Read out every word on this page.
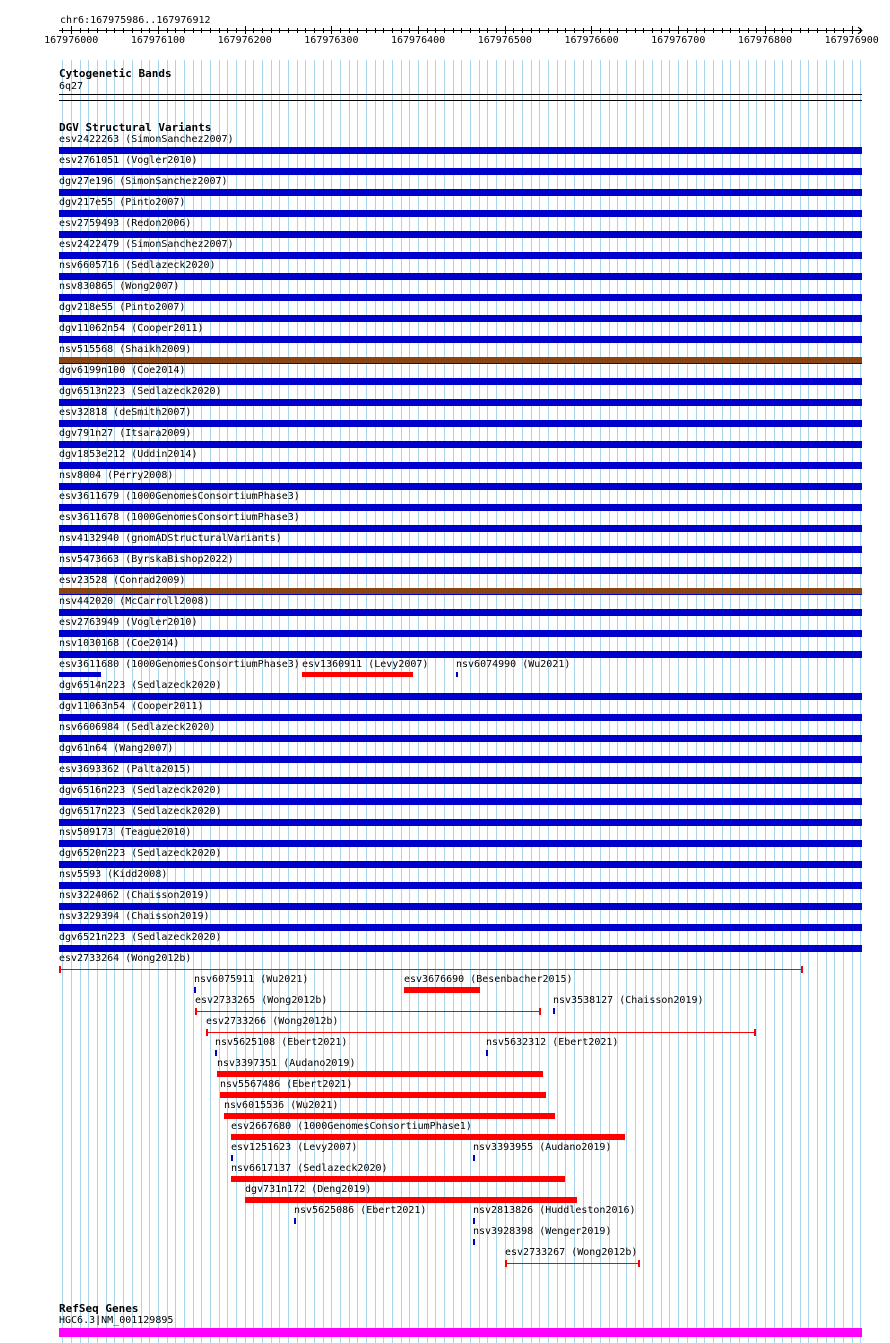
chr6:167975986..167976912
167976000	167976100	167976200	167976300	167976400	167976500	167976600	167976700	167976800	167976900
Cytogenetic Bands
6q27
DGV Structural Variants
esv2422263 (SimonSanchez2007)
esv2761051 (Vogler2010)
dgv27e196 (SimonSanchez2007)
dgv217e55 (Pinto2007)
esv2759493 (Redon2006)
esv2422479 (SimonSanchez2007)
nsv6605716 (Sedlazeck2020)
nsv830865 (Wong2007)
dgv218e55 (Pinto2007)
dgv11062n54 (Cooper2011)
nsv515568 (Shaikh2009)
dgv6199n100 (Coe2014)
dgv6513n223 (Sedlazeck2020)
esv32818 (deSmith2007)
dgv791n27 (Itsara2009)
dgv1853e212 (Uddin2014)
nsv8004 (Perry2008)
esv3611679 (1000GenomesConsortiumPhase3)
esv3611678 (1000GenomesConsortiumPhase3)
nsv4132940 (gnomADStructuralVariants)
nsv5473663 (ByrskaBishop2022)
esv23528 (Conrad2009)
nsv442020 (McCarroll2008)
esv2763949 (Vogler2010)
nsv1030168 (Coe2014)
esv3611680 (1000GenomesConsortiumPhase3) esv1360911 (Levy2007)	nsv6074990 (Wu2021)
dgv6514n223 (Sedlazeck2020)
dgv11063n54 (Cooper2011)
nsv6606984 (Sedlazeck2020)
dgv61n64 (Wang2007)
esv3693362 (Palta2015)
dgv6516n223 (Sedlazeck2020)
dgv6517n223 (Sedlazeck2020)
nsv509173 (Teague2010)
dgv6520n223 (Sedlazeck2020)
nsv5593 (Kidd2008)
nsv3224062 (Chaisson2019)
nsv3229394 (Chaisson2019)
dgv6521n223 (Sedlazeck2020)
esv2733264 (Wong2012b)
nsv6075911 (Wu2021)	esv3676690 (Besenbacher2015)
esv2733265 (Wong2012b)	nsv3538127 (Chaisson2019)
esv2733266 (Wong2012b)
nsv5625108 (Ebert2021)	nsv5632312 (Ebert2021)
nsv3397351 (Audano2019)
nsv5567486 (Ebert2021)
nsv6015536 (Wu2021)
esv2667680 (1000GenomesConsortiumPhase1)
esv1251623 (Levy2007)	nsv3393955 (Audano2019)
nsv6617137 (Sedlazeck2020)
dgv731n172 (Deng2019)
nsv5625086 (Ebert2021)	nsv2813826 (Huddleston2016)
nsv3928398 (Wenger2019)
esv2733267 (Wong2012b)
RefSeq Genes
HGC6.3|NM_001129895
